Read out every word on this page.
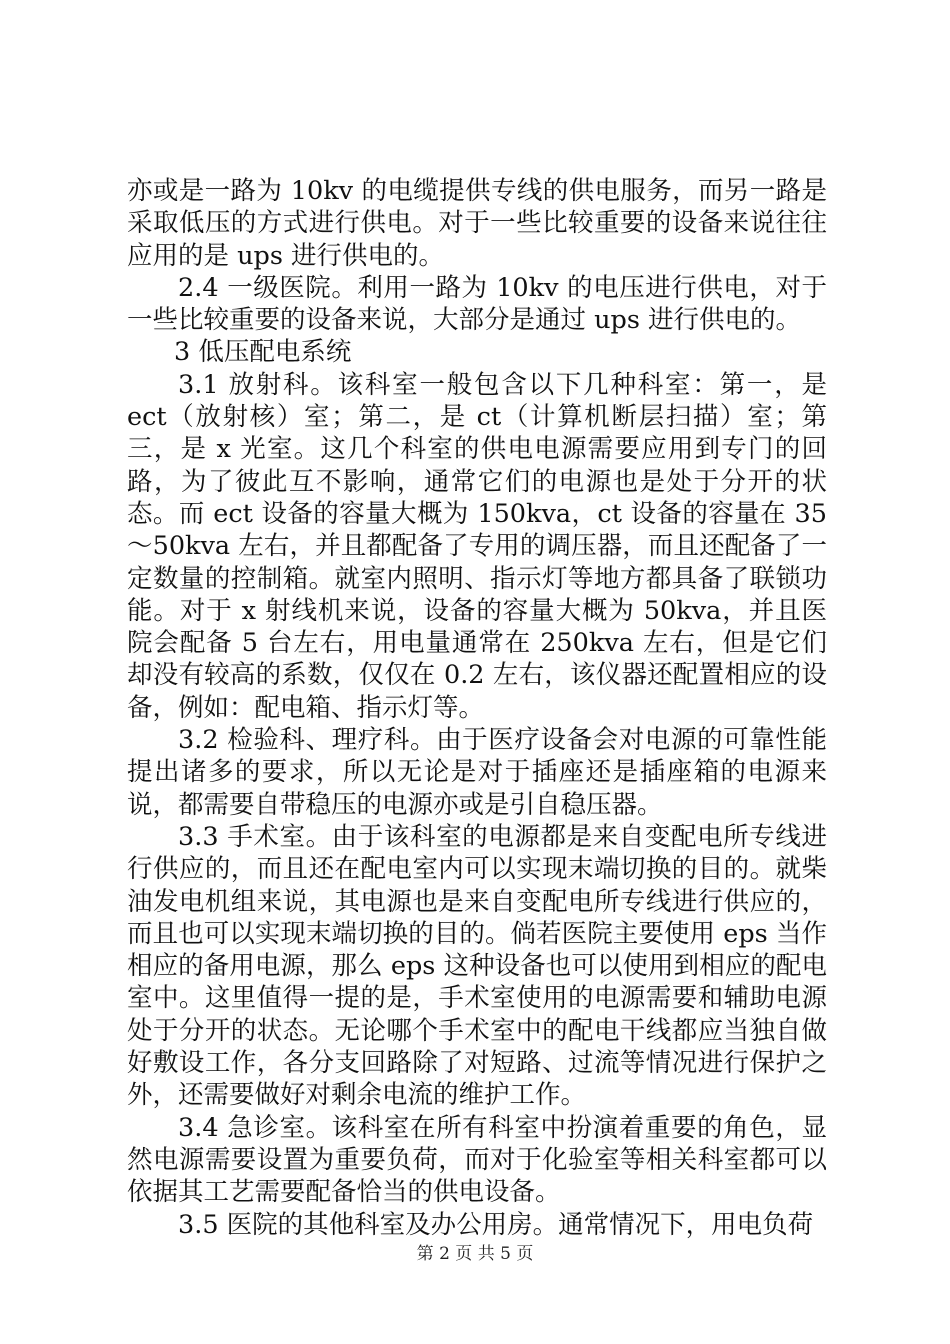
亦或是一路为 10kv 的电缆提供专线的供电服务，而另一路是采取低压的方式进行供电。对于一些比较重要的设备来说往往应用的是 ups 进行供电的。

2.4 一级医院。利用一路为 10kv 的电压进行供电，对于一些比较重要的设备来说，大部分是通过 ups 进行供电的。

3 低压配电系统

3.1 放射科。该科室一般包含以下几种科室：第一，是 ect（放射核）室；第二，是 ct（计算机断层扫描）室；第三，是 x 光室。这几个科室的供电电源需要应用到专门的回路，为了彼此互不影响，通常它们的电源也是处于分开的状态。而 ect 设备的容量大概为 150kva，ct 设备的容量在 35～50kva 左右，并且都配备了专用的调压器，而且还配备了一定数量的控制箱。就室内照明、指示灯等地方都具备了联锁功能。对于 x 射线机来说，设备的容量大概为 50kva，并且医院会配备 5 台左右，用电量通常在 250kva 左右，但是它们却没有较高的系数，仅仅在 0.2 左右，该仪器还配置相应的设备，例如：配电箱、指示灯等。

3.2 检验科、理疗科。由于医疗设备会对电源的可靠性能提出诸多的要求，所以无论是对于插座还是插座箱的电源来说，都需要自带稳压的电源亦或是引自稳压器。

3.3 手术室。由于该科室的电源都是来自变配电所专线进行供应的，而且还在配电室内可以实现末端切换的目的。就柴油发电机组来说，其电源也是来自变配电所专线进行供应的，而且也可以实现末端切换的目的。倘若医院主要使用 eps 当作相应的备用电源，那么 eps 这种设备也可以使用到相应的配电室中。这里值得一提的是，手术室使用的电源需要和辅助电源处于分开的状态。无论哪个手术室中的配电干线都应当独自做好敷设工作，各分支回路除了对短路、过流等情况进行保护之外，还需要做好对剩余电流的维护工作。

3.4 急诊室。该科室在所有科室中扮演着重要的角色，显然电源需要设置为重要负荷，而对于化验室等相关科室都可以依据其工艺需要配备恰当的供电设备。

3.5 医院的其他科室及办公用房。通常情况下，用电负荷

第 2 页 共 5 页
